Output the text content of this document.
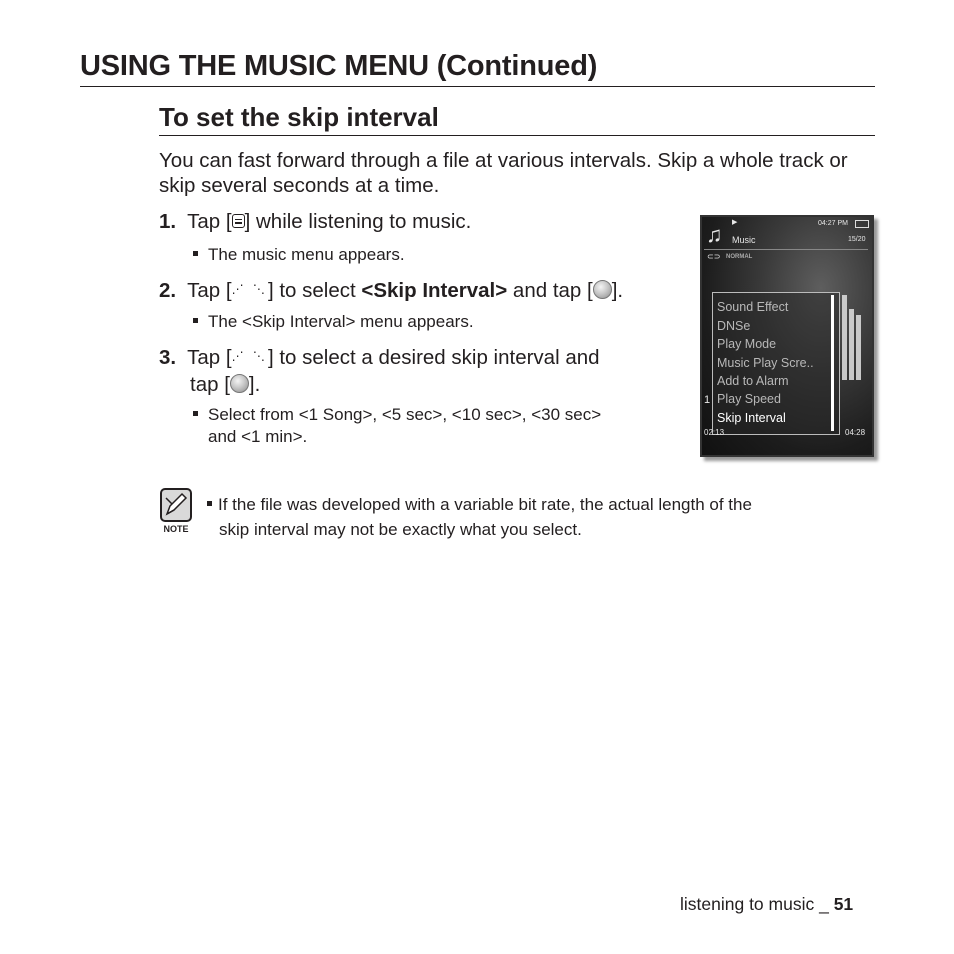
USING THE MUSIC MENU (Continued)
To set the skip interval
You can fast forward through a file at various intervals. Skip a whole track or skip several seconds at a time.
1. Tap [ ] while listening to music.
The music menu appears.
2. Tap [⋰ ⋱] to select <Skip Interval> and tap [ ].
The <Skip Interval> menu appears.
3. Tap [⋰ ⋱] to select a desired skip interval and
tap [ ].
Select from <1 Song>, <5 sec>, <10 sec>, <30 sec>
and <1 min>.
▶	04:27 PM
♫ Music	15/20
⊂⊃ NORMAL
Sound Effect
DNSe
Play Mode
Music Play Scre..
Add to Alarm
Play Speed
Skip Interval
1
02:13	04:28
NOTE
If the file was developed with a variable bit rate, the actual length of the
skip interval may not be exactly what you select.
listening to music _ 51
